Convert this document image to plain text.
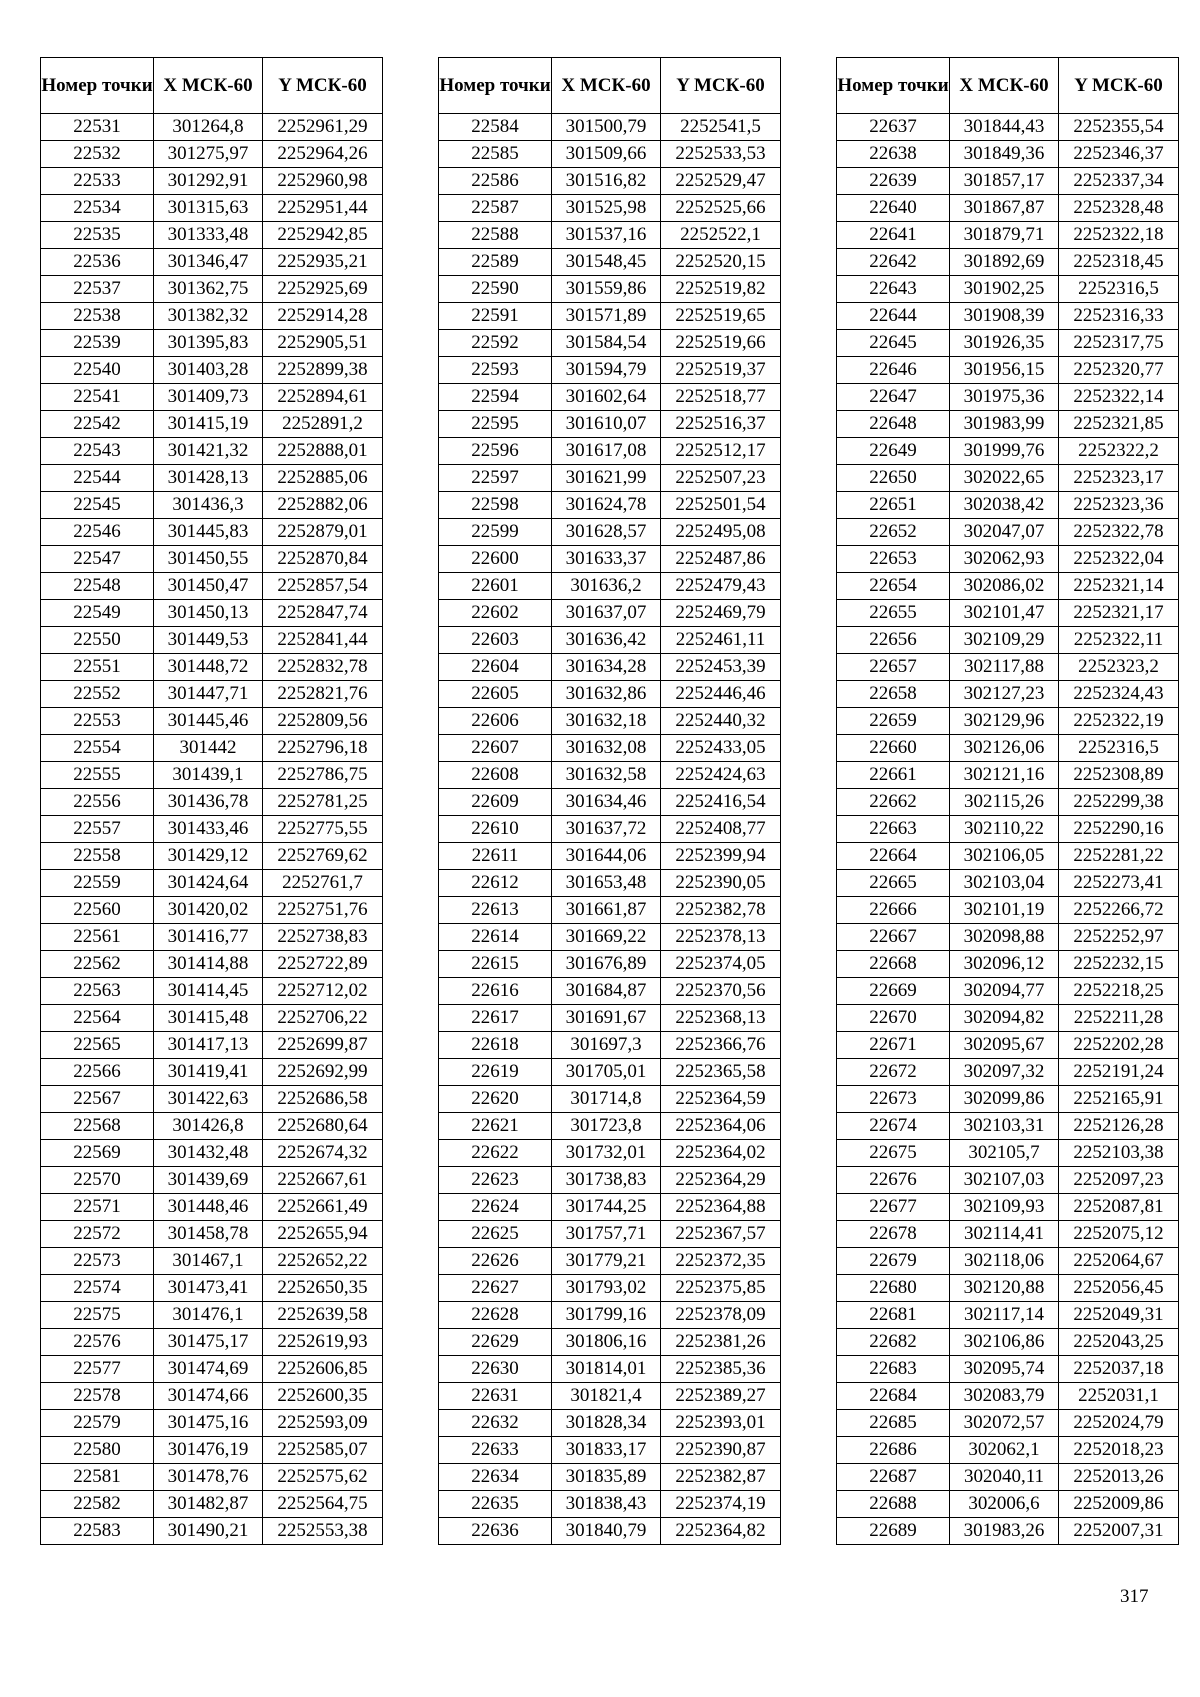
Номер точки	X МСК-60	Y МСК-60
22531	301264,8	2252961,29
22532	301275,97	2252964,26
22533	301292,91	2252960,98
22534	301315,63	2252951,44
22535	301333,48	2252942,85
22536	301346,47	2252935,21
22537	301362,75	2252925,69
22538	301382,32	2252914,28
22539	301395,83	2252905,51
22540	301403,28	2252899,38
22541	301409,73	2252894,61
22542	301415,19	2252891,2
22543	301421,32	2252888,01
22544	301428,13	2252885,06
22545	301436,3	2252882,06
22546	301445,83	2252879,01
22547	301450,55	2252870,84
22548	301450,47	2252857,54
22549	301450,13	2252847,74
22550	301449,53	2252841,44
22551	301448,72	2252832,78
22552	301447,71	2252821,76
22553	301445,46	2252809,56
22554	301442	2252796,18
22555	301439,1	2252786,75
22556	301436,78	2252781,25
22557	301433,46	2252775,55
22558	301429,12	2252769,62
22559	301424,64	2252761,7
22560	301420,02	2252751,76
22561	301416,77	2252738,83
22562	301414,88	2252722,89
22563	301414,45	2252712,02
22564	301415,48	2252706,22
22565	301417,13	2252699,87
22566	301419,41	2252692,99
22567	301422,63	2252686,58
22568	301426,8	2252680,64
22569	301432,48	2252674,32
22570	301439,69	2252667,61
22571	301448,46	2252661,49
22572	301458,78	2252655,94
22573	301467,1	2252652,22
22574	301473,41	2252650,35
22575	301476,1	2252639,58
22576	301475,17	2252619,93
22577	301474,69	2252606,85
22578	301474,66	2252600,35
22579	301475,16	2252593,09
22580	301476,19	2252585,07
22581	301478,76	2252575,62
22582	301482,87	2252564,75
22583	301490,21	2252553,38
Номер точки	X МСК-60	Y МСК-60
22584	301500,79	2252541,5
22585	301509,66	2252533,53
22586	301516,82	2252529,47
22587	301525,98	2252525,66
22588	301537,16	2252522,1
22589	301548,45	2252520,15
22590	301559,86	2252519,82
22591	301571,89	2252519,65
22592	301584,54	2252519,66
22593	301594,79	2252519,37
22594	301602,64	2252518,77
22595	301610,07	2252516,37
22596	301617,08	2252512,17
22597	301621,99	2252507,23
22598	301624,78	2252501,54
22599	301628,57	2252495,08
22600	301633,37	2252487,86
22601	301636,2	2252479,43
22602	301637,07	2252469,79
22603	301636,42	2252461,11
22604	301634,28	2252453,39
22605	301632,86	2252446,46
22606	301632,18	2252440,32
22607	301632,08	2252433,05
22608	301632,58	2252424,63
22609	301634,46	2252416,54
22610	301637,72	2252408,77
22611	301644,06	2252399,94
22612	301653,48	2252390,05
22613	301661,87	2252382,78
22614	301669,22	2252378,13
22615	301676,89	2252374,05
22616	301684,87	2252370,56
22617	301691,67	2252368,13
22618	301697,3	2252366,76
22619	301705,01	2252365,58
22620	301714,8	2252364,59
22621	301723,8	2252364,06
22622	301732,01	2252364,02
22623	301738,83	2252364,29
22624	301744,25	2252364,88
22625	301757,71	2252367,57
22626	301779,21	2252372,35
22627	301793,02	2252375,85
22628	301799,16	2252378,09
22629	301806,16	2252381,26
22630	301814,01	2252385,36
22631	301821,4	2252389,27
22632	301828,34	2252393,01
22633	301833,17	2252390,87
22634	301835,89	2252382,87
22635	301838,43	2252374,19
22636	301840,79	2252364,82
Номер точки	X МСК-60	Y МСК-60
22637	301844,43	2252355,54
22638	301849,36	2252346,37
22639	301857,17	2252337,34
22640	301867,87	2252328,48
22641	301879,71	2252322,18
22642	301892,69	2252318,45
22643	301902,25	2252316,5
22644	301908,39	2252316,33
22645	301926,35	2252317,75
22646	301956,15	2252320,77
22647	301975,36	2252322,14
22648	301983,99	2252321,85
22649	301999,76	2252322,2
22650	302022,65	2252323,17
22651	302038,42	2252323,36
22652	302047,07	2252322,78
22653	302062,93	2252322,04
22654	302086,02	2252321,14
22655	302101,47	2252321,17
22656	302109,29	2252322,11
22657	302117,88	2252323,2
22658	302127,23	2252324,43
22659	302129,96	2252322,19
22660	302126,06	2252316,5
22661	302121,16	2252308,89
22662	302115,26	2252299,38
22663	302110,22	2252290,16
22664	302106,05	2252281,22
22665	302103,04	2252273,41
22666	302101,19	2252266,72
22667	302098,88	2252252,97
22668	302096,12	2252232,15
22669	302094,77	2252218,25
22670	302094,82	2252211,28
22671	302095,67	2252202,28
22672	302097,32	2252191,24
22673	302099,86	2252165,91
22674	302103,31	2252126,28
22675	302105,7	2252103,38
22676	302107,03	2252097,23
22677	302109,93	2252087,81
22678	302114,41	2252075,12
22679	302118,06	2252064,67
22680	302120,88	2252056,45
22681	302117,14	2252049,31
22682	302106,86	2252043,25
22683	302095,74	2252037,18
22684	302083,79	2252031,1
22685	302072,57	2252024,79
22686	302062,1	2252018,23
22687	302040,11	2252013,26
22688	302006,6	2252009,86
22689	301983,26	2252007,31
317
